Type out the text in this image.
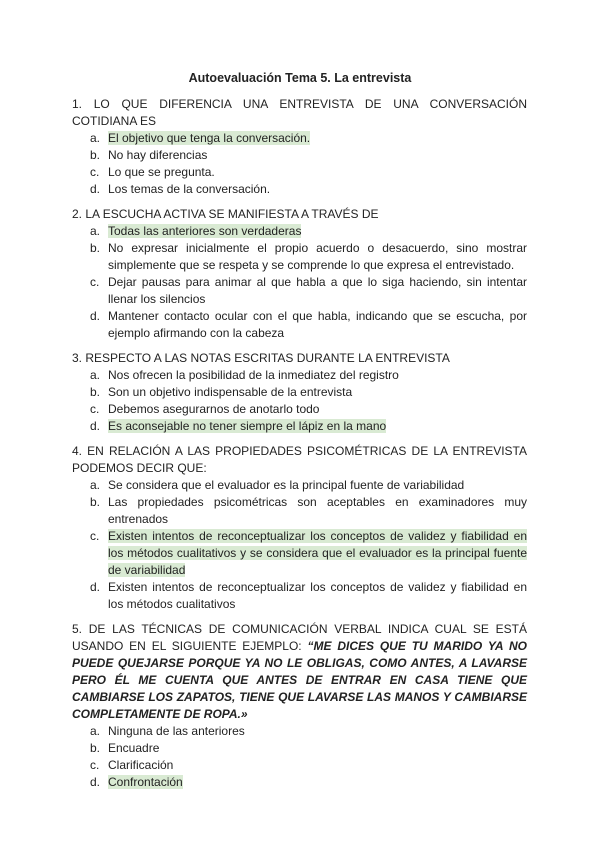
Autoevaluación Tema 5. La entrevista
1. LO QUE DIFERENCIA UNA ENTREVISTA DE UNA CONVERSACIÓN COTIDIANA ES
a. El objetivo que tenga la conversación.
b. No hay diferencias
c. Lo que se pregunta.
d. Los temas de la conversación.
2. LA ESCUCHA ACTIVA SE MANIFIESTA A TRAVÉS DE
a. Todas las anteriores son verdaderas
b. No expresar inicialmente el propio acuerdo o desacuerdo, sino mostrar simplemente que se respeta y se comprende lo que expresa el entrevistado.
c. Dejar pausas para animar al que habla a que lo siga haciendo, sin intentar llenar los silencios
d. Mantener contacto ocular con el que habla, indicando que se escucha, por ejemplo afirmando con la cabeza
3. RESPECTO A LAS NOTAS ESCRITAS DURANTE LA ENTREVISTA
a. Nos ofrecen la posibilidad de la inmediatez del registro
b. Son un objetivo indispensable de la entrevista
c. Debemos asegurarnos de anotarlo todo
d. Es aconsejable no tener siempre el lápiz en la mano
4. EN RELACIÓN A LAS PROPIEDADES PSICOMÉTRICAS DE LA ENTREVISTA PODEMOS DECIR QUE:
a. Se considera que el evaluador es la principal fuente de variabilidad
b. Las propiedades psicométricas son aceptables en examinadores muy entrenados
c. Existen intentos de reconceptualizar los conceptos de validez y fiabilidad en los métodos cualitativos y se considera que el evaluador es la principal fuente de variabilidad
d. Existen intentos de reconceptualizar los conceptos de validez y fiabilidad en los métodos cualitativos
5. DE LAS TÉCNICAS DE COMUNICACIÓN VERBAL INDICA CUAL SE ESTÁ USANDO EN EL SIGUIENTE EJEMPLO: “ME DICES QUE TU MARIDO YA NO PUEDE QUEJARSE PORQUE YA NO LE OBLIGAS, COMO ANTES, A LAVARSE PERO ÉL ME CUENTA QUE ANTES DE ENTRAR EN CASA TIENE QUE CAMBIARSE LOS ZAPATOS, TIENE QUE LAVARSE LAS MANOS Y CAMBIARSE COMPLETAMENTE DE ROPA.»
a. Ninguna de las anteriores
b. Encuadre
c. Clarificación
d. Confrontación
